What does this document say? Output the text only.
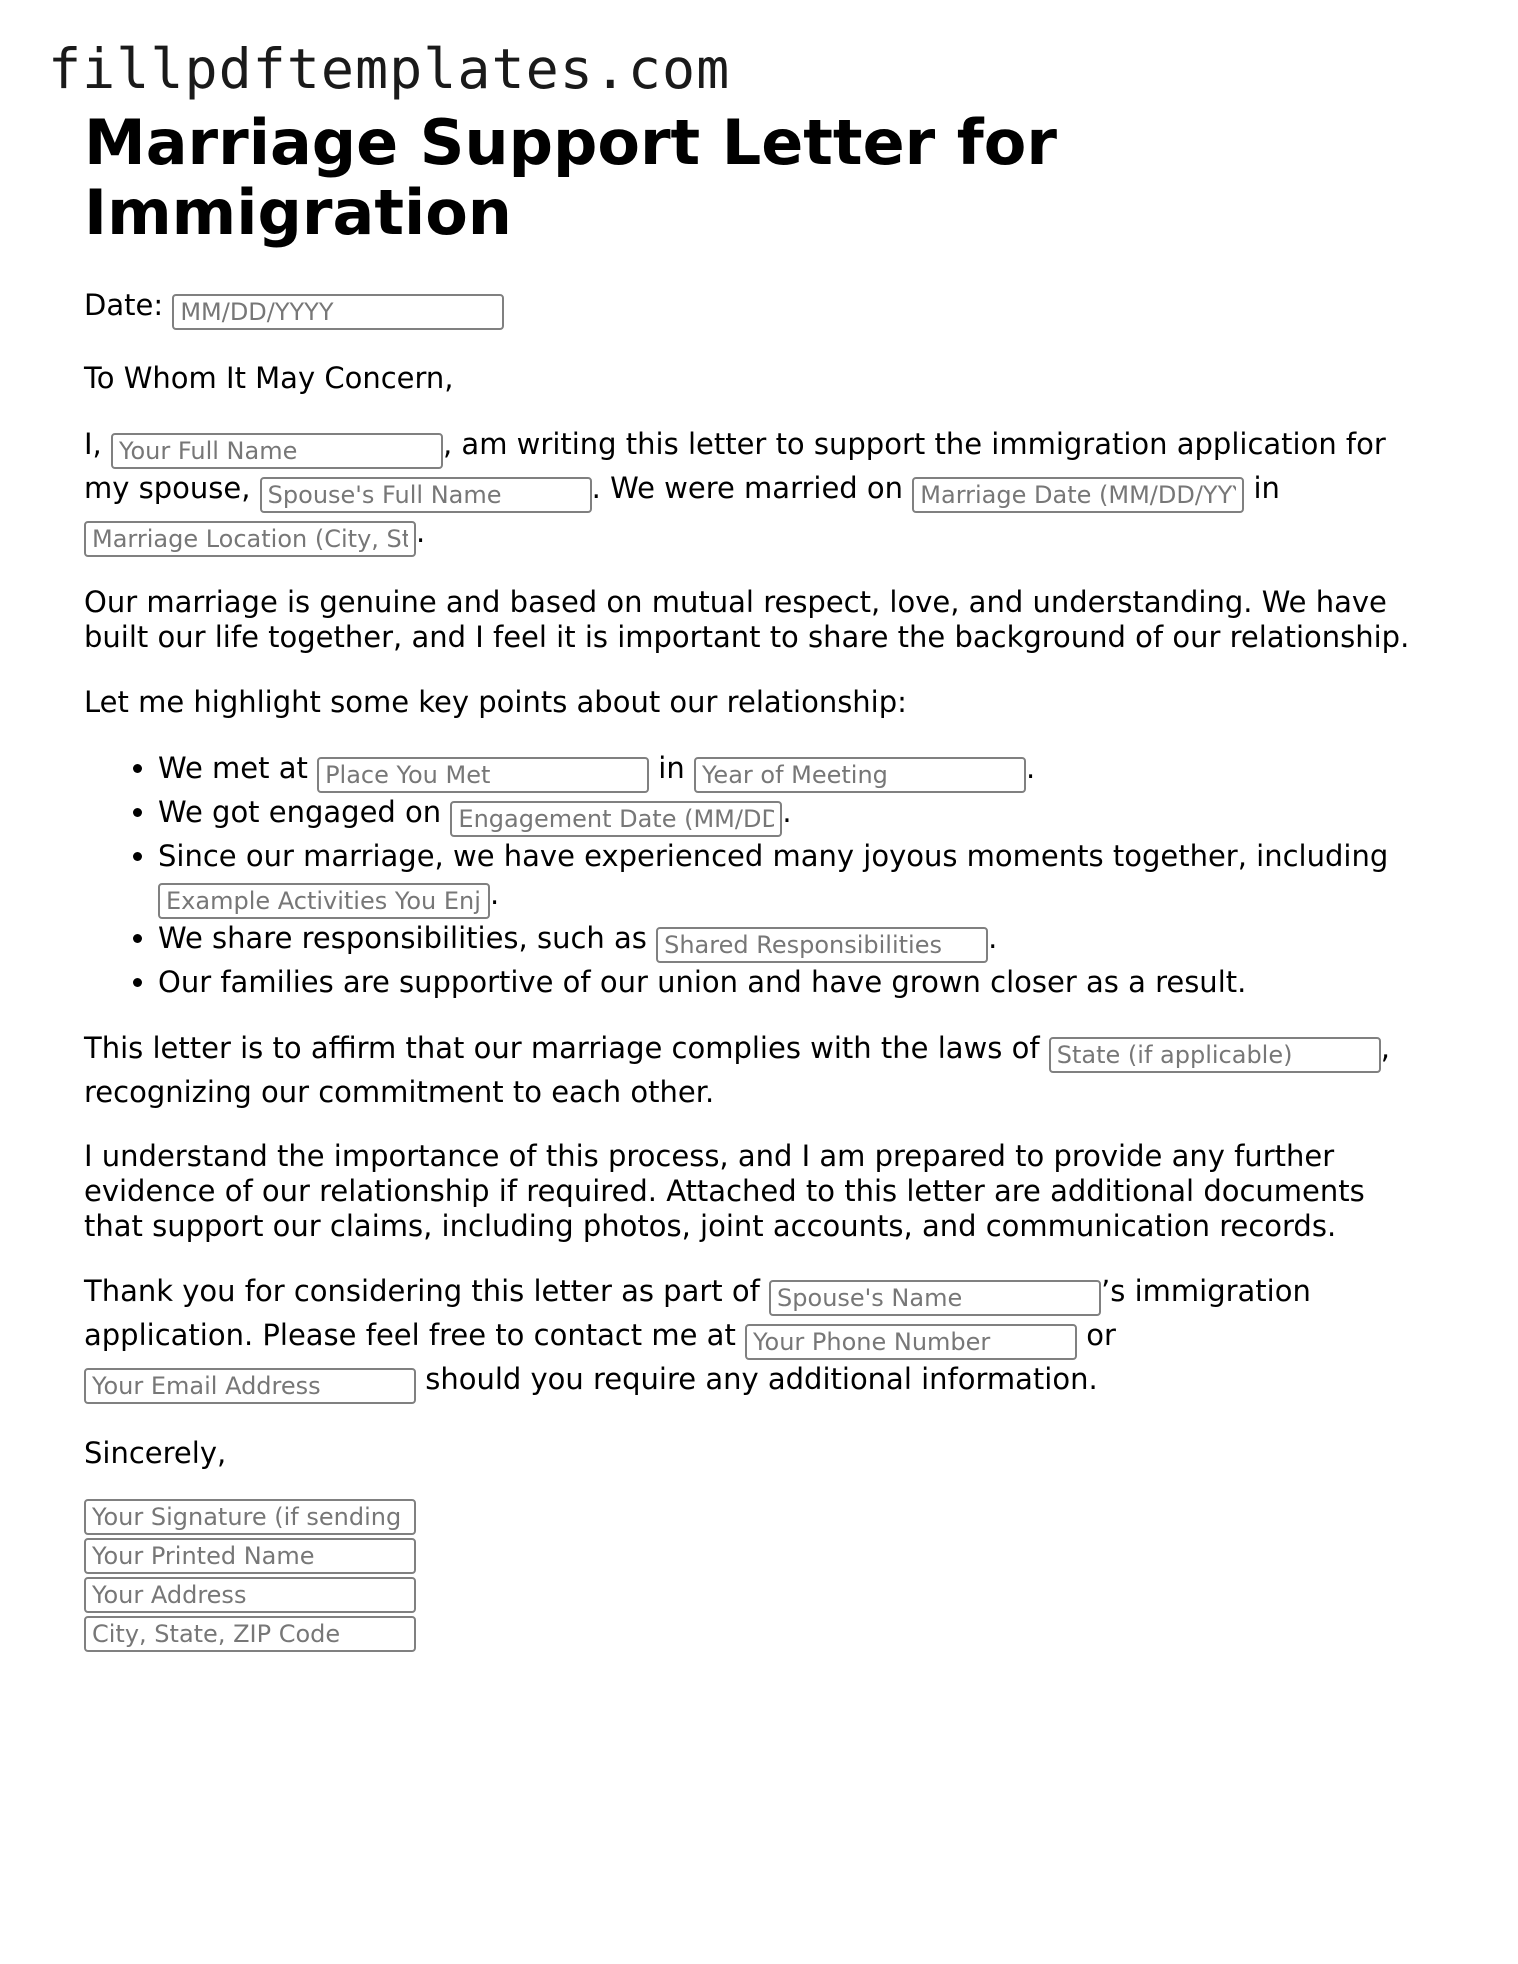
fillpdftemplates.com
Marriage Support Letter for Immigration

Date: MM/DD/YYYY

To Whom It May Concern,

I, Your Full Name	, am writing this letter to support the immigration application for my spouse, Spouse's Full Name	. We were married on Marriage Date (MM/DD/YYYY)	in Marriage Location (City, State).

Our marriage is genuine and based on mutual respect, love, and understanding. We have built our life together, and I feel it is important to share the background of our relationship.

Let me highlight some key points about our relationship:

• We met at Place You Met	in Year of Meeting	.
• We got engaged on Engagement Date (MM/DD/YYYY)	.
• Since our marriage, we have experienced many joyous moments together, including Example Activities You Enjoy.
• We share responsibilities, such as Shared Responsibilities	.
• Our families are supportive of our union and have grown closer as a result.

This letter is to affirm that our marriage complies with the laws of State (if applicable)	, recognizing our commitment to each other.

I understand the importance of this process, and I am prepared to provide any further evidence of our relationship if required. Attached to this letter are additional documents that support our claims, including photos, joint accounts, and communication records.

Thank you for considering this letter as part of Spouse's Name	’s immigration application. Please feel free to contact me at Your Phone Number	or Your Email Address should you require any additional information.

Sincerely,

Your Signature (if sending a hard copy)
Your Printed Name
Your Address
City, State, ZIP Code
